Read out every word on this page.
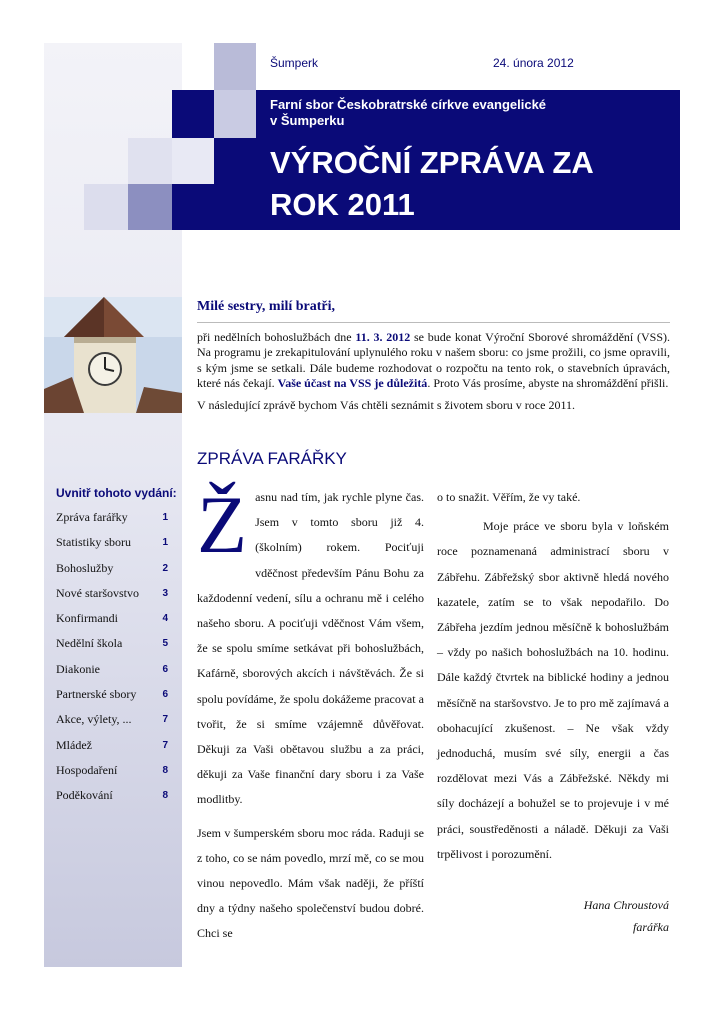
Šumperk	24. února 2012
Farní sbor Českobratrské církve evangelické
v Šumperku
VÝROČNÍ ZPRÁVA ZA
ROK 2011
Uvnitř tohoto vydání:
Zpráva farářky	1
Statistiky sboru	1
Bohoslužby	2
Nové staršovstvo 3
Konfirmandi	4
Nedělní škola	5
Diakonie	6
Partnerské sbory	6
Akce, výlety, ...	7
Mládež	7
Hospodaření	8
Poděkování	8
Milé sestry, milí bratři,

při nedělních bohoslužbách dne 11. 3. 2012 se bude konat Výroční Sborové shromáždění (VSS). Na programu je zrekapitulování uplynulého roku v našem sboru: co jsme prožili, co jsme opravili, s kým jsme se setkali. Dále budeme rozhodovat o rozpočtu na tento rok, o stavebních úpravách, které nás čekají. Vaše účast na VSS je důležitá. Proto Vás prosíme, abyste na shromáždění přišli.

V následující zprávě bychom Vás chtěli seznámit s životem sboru v roce 2011.

ZPRÁVA FARÁŘKY

Žasnu nad tím, jak rychle plyne čas. Jsem v tomto sboru již 4. (školním) rokem. Pociťuji vděčnost především Pánu Bohu za každodenní vedení, sílu a ochranu mě i celého našeho sboru. A pociťuji vděčnost Vám všem, že se spolu smíme setkávat při bohoslužbách, Kafárně, sborových akcích i návštěvách. Že si spolu povídáme, že spolu dokážeme pracovat a tvořit, že si smíme vzájemně důvěřovat. Děkuji za Vaši obětavou službu a za práci, děkuji za Vaše finanční dary sboru i za Vaše modlitby.

Jsem v šumperském sboru moc ráda. Raduji se z toho, co se nám povedlo, mrzí mě, co se mou vinou nepovedlo. Mám však naději, že příští dny a týdny našeho společenství budou dobré. Chci se

o to snažit. Věřím, že vy také.

Moje práce ve sboru byla v loňském roce poznamenaná administrací sboru v Zábřehu. Zábřežský sbor aktivně hledá nového kazatele, zatím se to však nepodařilo. Do Zábřeha jezdím jednou měsíčně k bohoslužbám – vždy po našich bohoslužbách na 10. hodinu. Dále každý čtvrtek na biblické hodiny a jednou měsíčně na staršovstvo. Je to pro mě zajímavá a obohacující zkušenost. – Ne však vždy jednoduchá, musím své síly, energii a čas rozdělovat mezi Vás a Zábřežské. Někdy mi síly docházejí a bohužel se to projevuje i v mé práci, soustředěnosti a náladě. Děkuji za Vaši trpělivost i porozumění.

Hana Chroustová
farářka
